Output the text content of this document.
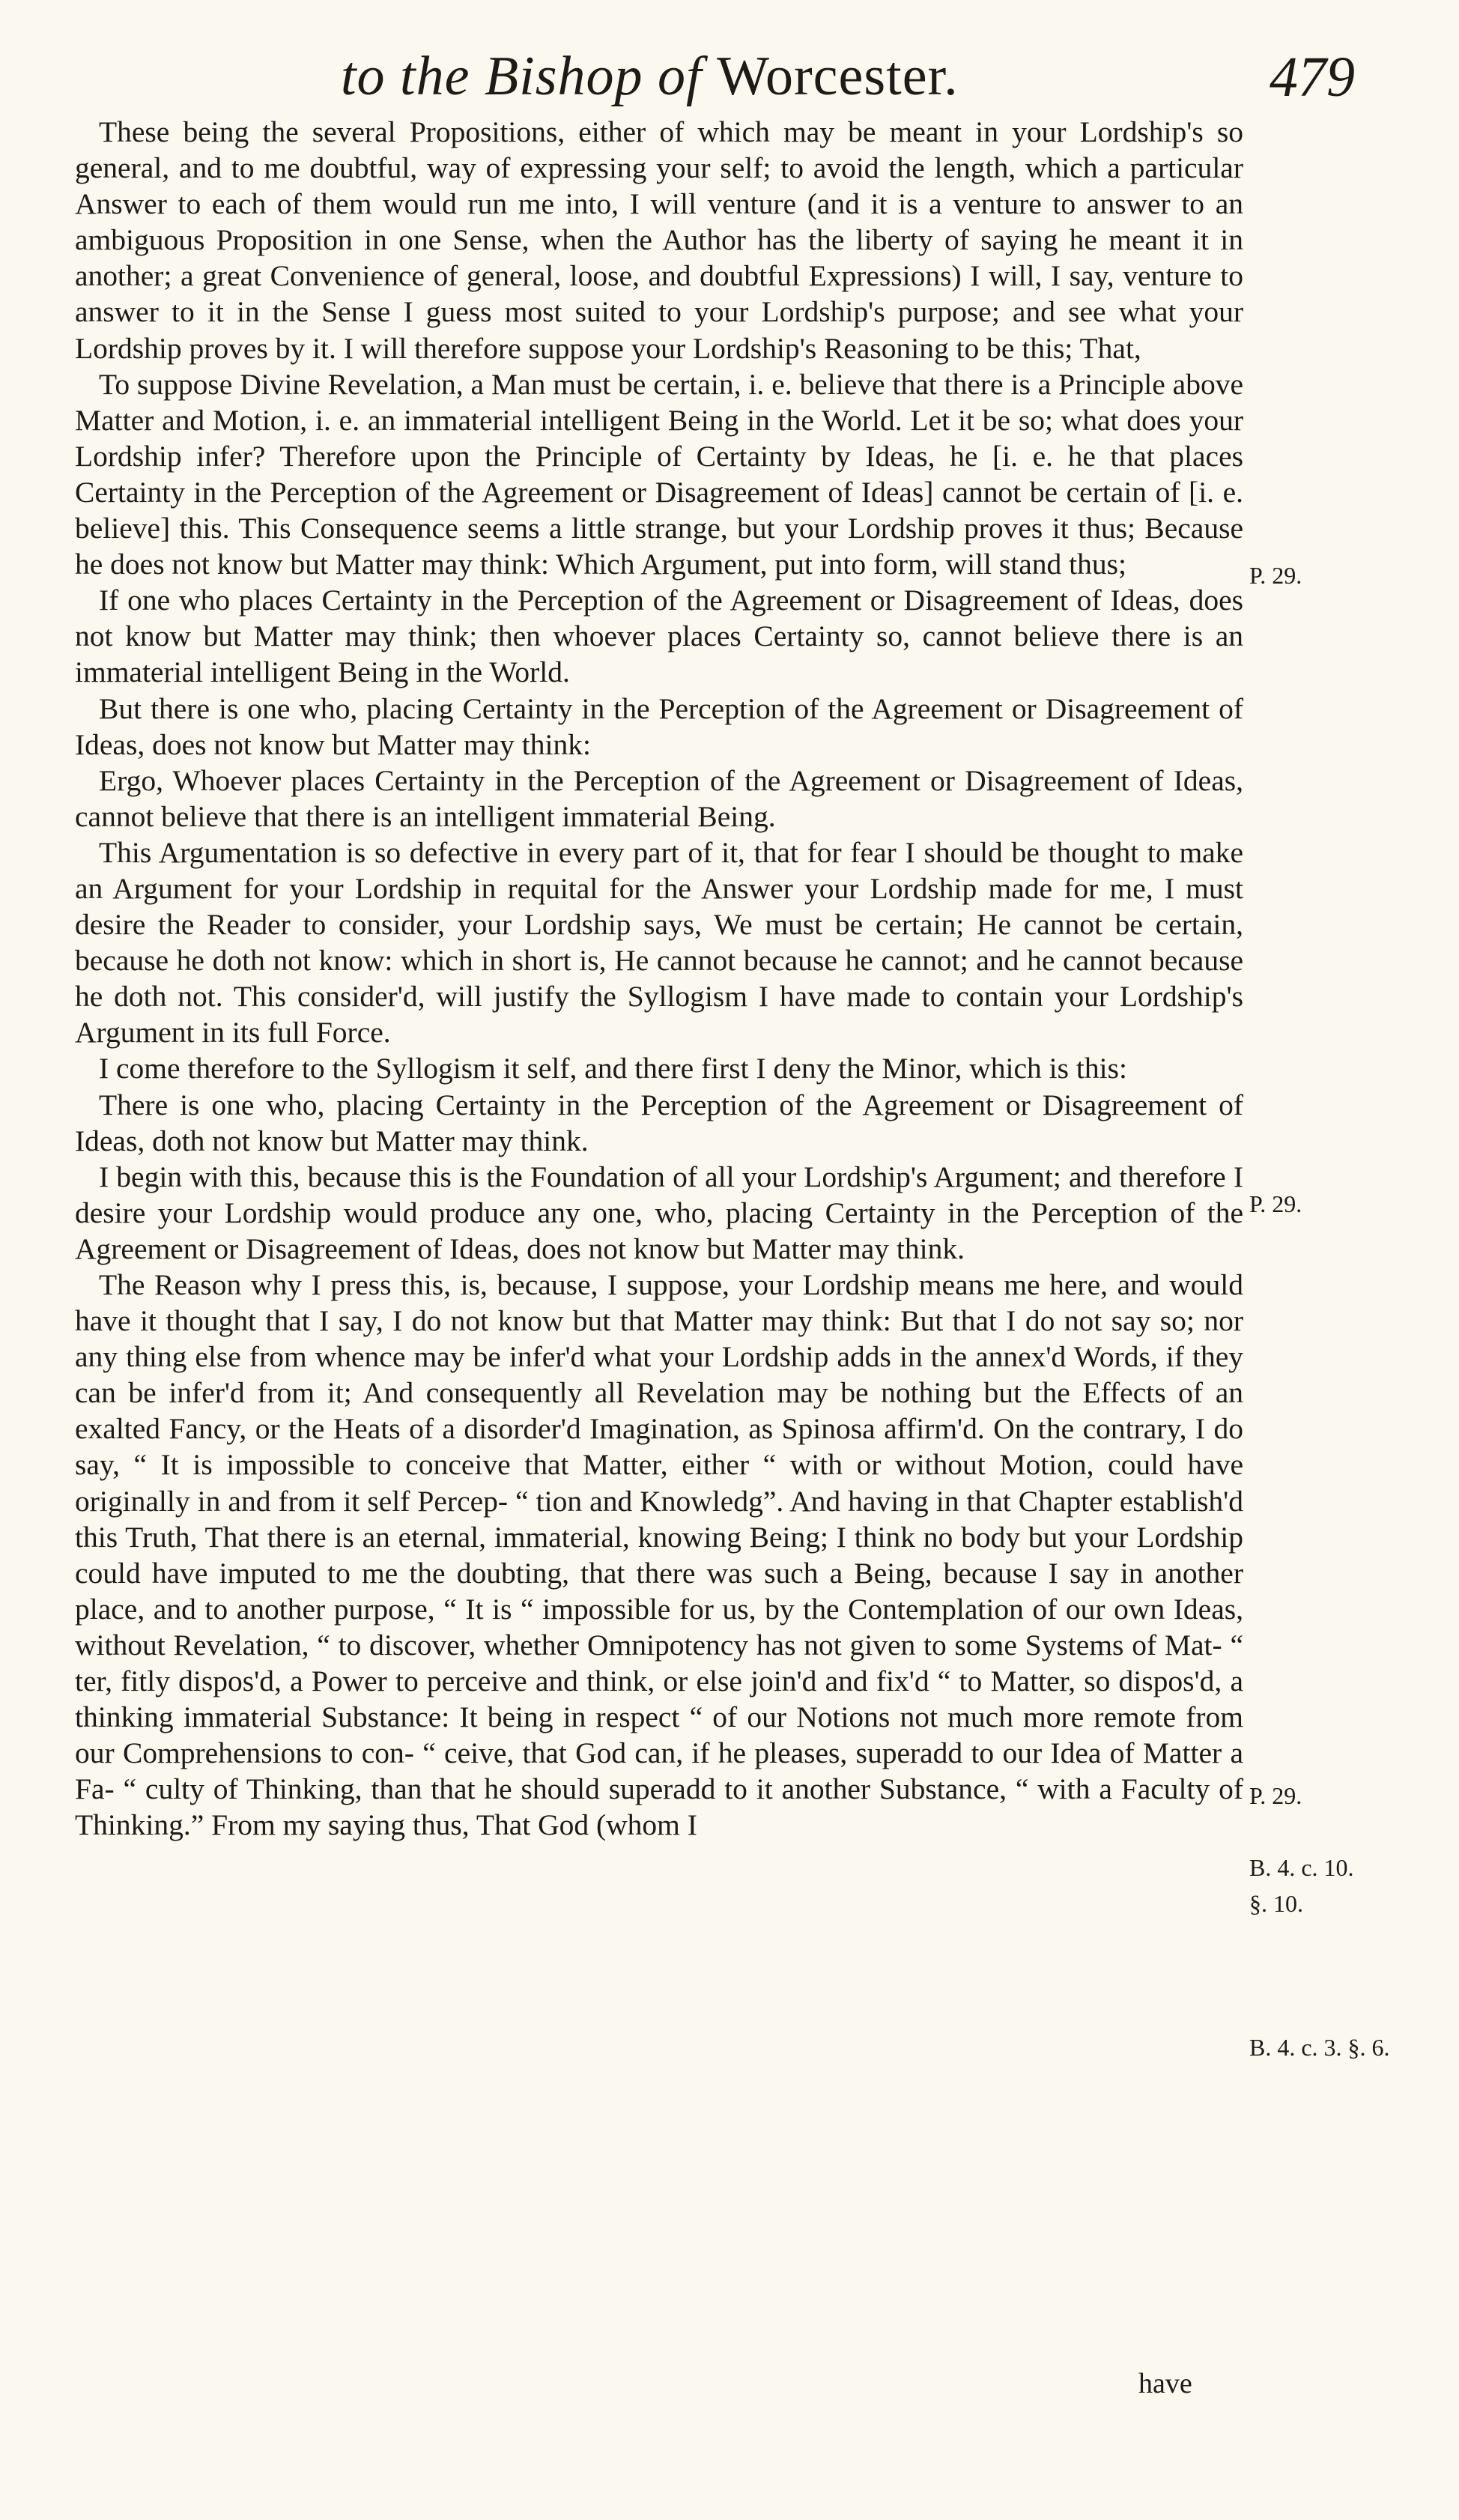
to the Bishop of Worcester.	479

These being the several Propositions, either of which may be meant in your Lordship's so general, and to me doubtful, way of expressing your self; to avoid the length, which a particular Answer to each of them would run me into, I will venture (and it is a venture to answer to an ambiguous Proposition in one Sense, when the Author has the liberty of saying he meant it in another; a great Convenience of general, loose, and doubtful Expressions) I will, I say, venture to answer to it in the Sense I guess most suited to your Lordship's purpose; and see what your Lordship proves by it. I will therefore suppose your Lordship's Reasoning to be this; That,

To suppose Divine Revelation, a Man must be certain, i. e. believe that there is a Principle above Matter and Motion, i. e. an immaterial intelligent Being in the World. Let it be so; what does your Lordship infer? Therefore upon the Principle of Certainty by Ideas, he [i. e. he that places Certainty in the Perception of the Agreement or Disagreement of Ideas] cannot be certain of [i. e. believe] this. This Consequence seems a little strange, but your Lordship proves it thus; Because he does not know but Matter may think: Which Argument, put into form, will stand thus;

If one who places Certainty in the Perception of the Agreement or Disagreement of Ideas, does not know but Matter may think; then whoever places Certainty so, cannot believe there is an immaterial intelligent Being in the World.

But there is one who, placing Certainty in the Perception of the Agreement or Disagreement of Ideas, does not know but Matter may think:

Ergo, Whoever places Certainty in the Perception of the Agreement or Disagreement of Ideas, cannot believe that there is an intelligent immaterial Being.

This Argumentation is so defective in every part of it, that for fear I should be thought to make an Argument for your Lordship in requital for the Answer your Lordship made for me, I must desire the Reader to consider, your Lordship says, We must be certain; He cannot be certain, because he doth not know: which in short is, He cannot because he cannot; and he cannot because he doth not. This consider'd, will justify the Syllogism I have made to contain your Lordship's Argument in its full Force.

I come therefore to the Syllogism it self, and there first I deny the Minor, which is this:

There is one who, placing Certainty in the Perception of the Agreement or Disagreement of Ideas, doth not know but Matter may think.

I begin with this, because this is the Foundation of all your Lordship's Argument; and therefore I desire your Lordship would produce any one, who, placing Certainty in the Perception of the Agreement or Disagreement of Ideas, does not know but Matter may think.

The Reason why I press this, is, because, I suppose, your Lordship means me here, and would have it thought that I say, I do not know but that Matter may think: But that I do not say so; nor any thing else from whence may be infer'd what your Lordship adds in the annex'd Words, if they can be infer'd from it; And consequently all Revelation may be nothing but the Effects of an exalted Fancy, or the Heats of a disorder'd Imagination, as Spinosa affirm'd. On the contrary, I do say, “ It is impossible to conceive that Matter, either “ with or without Motion, could have originally in and from it self Percep- “ tion and Knowledg”. And having in that Chapter establish'd this Truth, That there is an eternal, immaterial, knowing Being; I think no body but your Lordship could have imputed to me the doubting, that there was such a Being, because I say in another place, and to another purpose, “ It is “ impossible for us, by the Contemplation of our own Ideas, without Revelation, “ to discover, whether Omnipotency has not given to some Systems of Mat- “ ter, fitly dispos'd, a Power to perceive and think, or else join'd and fix'd “ to Matter, so dispos'd, a thinking immaterial Substance: It being in respect “ of our Notions not much more remote from our Comprehensions to con- “ ceive, that God can, if he pleases, superadd to our Idea of Matter a Fa- “ culty of Thinking, than that he should superadd to it another Substance, “ with a Faculty of Thinking.” From my saying thus, That God (whom I

P. 29.
P. 29.
P. 29.
B. 4. c. 10.
§. 10.
B. 4. c. 3. §. 6.
have
